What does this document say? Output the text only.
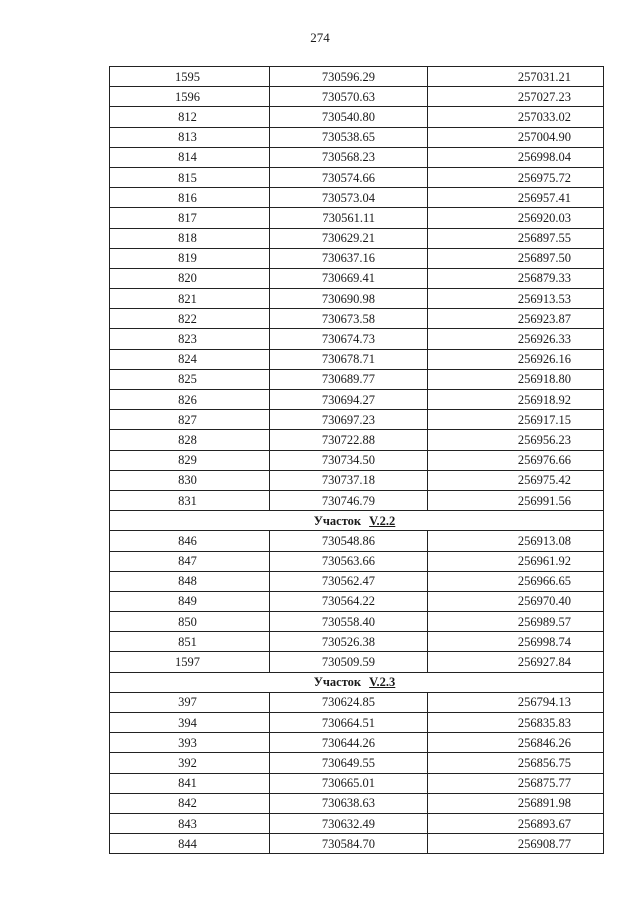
274
1595	730596.29	257031.21
1596	730570.63	257027.23
812	730540.80	257033.02
813	730538.65	257004.90
814	730568.23	256998.04
815	730574.66	256975.72
816	730573.04	256957.41
817	730561.11	256920.03
818	730629.21	256897.55
819	730637.16	256897.50
820	730669.41	256879.33
821	730690.98	256913.53
822	730673.58	256923.87
823	730674.73	256926.33
824	730678.71	256926.16
825	730689.77	256918.80
826	730694.27	256918.92
827	730697.23	256917.15
828	730722.88	256956.23
829	730734.50	256976.66
830	730737.18	256975.42
831	730746.79	256991.56
Участок V.2.2		
846	730548.86	256913.08
847	730563.66	256961.92
848	730562.47	256966.65
849	730564.22	256970.40
850	730558.40	256989.57
851	730526.38	256998.74
1597	730509.59	256927.84
Участок V.2.3		
397	730624.85	256794.13
394	730664.51	256835.83
393	730644.26	256846.26
392	730649.55	256856.75
841	730665.01	256875.77
842	730638.63	256891.98
843	730632.49	256893.67
844	730584.70	256908.77
